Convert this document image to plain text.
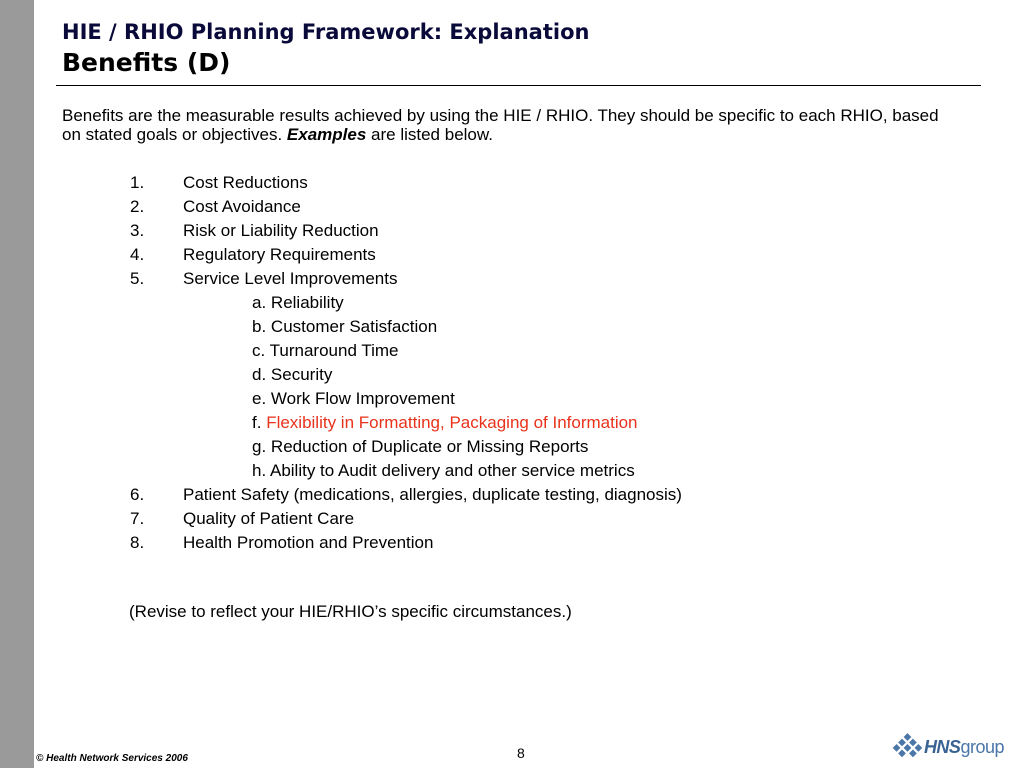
HIE / RHIO Planning Framework: Explanation
Benefits (D)
Benefits are the measurable results achieved by using the HIE / RHIO. They should be specific to each RHIO, based on stated goals or objectives. Examples are listed below.
1.	Cost Reductions
2.	Cost Avoidance
3.	Risk or Liability Reduction
4.	Regulatory Requirements
5.	Service Level Improvements
a. Reliability
b. Customer Satisfaction
c. Turnaround Time
d. Security
e. Work Flow Improvement
f. Flexibility in Formatting, Packaging of Information
g. Reduction of Duplicate or Missing Reports
h. Ability to Audit delivery and other service metrics
6.	Patient Safety (medications, allergies, duplicate testing, diagnosis)
7.	Quality of Patient Care
8.	Health Promotion and Prevention
(Revise to reflect your HIE/RHIO’s specific circumstances.)
8
© Health Network Services 2006
HNSgroup
